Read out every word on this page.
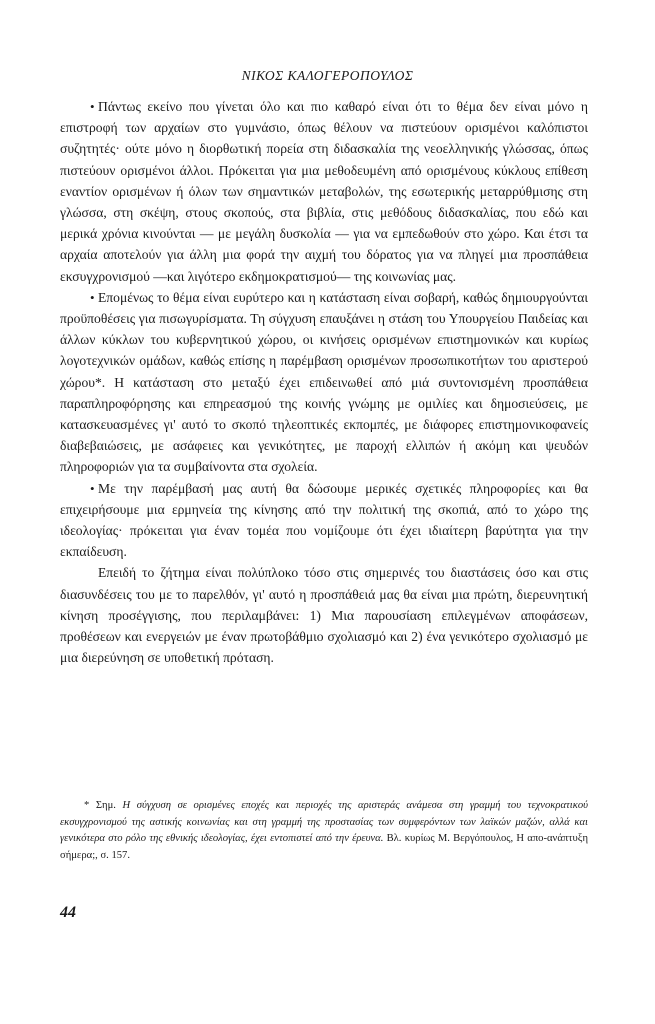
ΝΙΚΟΣ ΚΑΛΟΓΕΡΟΠΟΥΛΟΣ

• Πάντως εκείνο που γίνεται όλο και πιο καθαρό είναι ότι το θέμα δεν είναι μόνο η επιστροφή των αρχαίων στο γυμνάσιο, όπως θέλουν να πιστεύουν ορισμένοι καλόπιστοι συζητητές· ούτε μόνο η διορθωτική πορεία στη διδασκαλία της νεοελληνικής γλώσσας, όπως πιστεύουν ορισμένοι άλλοι. Πρόκειται για μια μεθοδευμένη από ορισμένους κύκλους επίθεση εναντίον ορισμένων ή όλων των σημαντικών μεταβολών, της εσωτερικής μεταρρύθμισης στη γλώσσα, στη σκέψη, στους σκοπούς, στα βιβλία, στις μεθόδους διδασκαλίας, που εδώ και μερικά χρόνια κινούνται — με μεγάλη δυσκολία — για να εμπεδωθούν στο χώρο. Και έτσι τα αρχαία αποτελούν για άλλη μια φορά την αιχμή του δόρατος για να πληγεί μια προσπάθεια εκσυγχρονισμού —και λιγότερο εκδημοκρατισμού— της κοινωνίας μας.

• Επομένως το θέμα είναι ευρύτερο και η κατάσταση είναι σοβαρή, καθώς δημιουργούνται προϋποθέσεις για πισωγυρίσματα. Τη σύγχυση επαυξάνει η στάση του Υπουργείου Παιδείας και άλλων κύκλων του κυβερνητικού χώρου, οι κινήσεις ορισμένων επιστημονικών και κυρίως λογοτεχνικών ομάδων, καθώς επίσης η παρέμβαση ορισμένων προσωπικοτήτων του αριστερού χώρου*. Η κατάσταση στο μεταξύ έχει επιδεινωθεί από μιά συντονισμένη προσπάθεια παραπληροφόρησης και επηρεασμού της κοινής γνώμης με ομιλίες και δημοσιεύσεις, με κατασκευασμένες γι' αυτό το σκοπό τηλεοπτικές εκπομπές, με διάφορες επιστημονικοφανείς διαβεβαιώσεις, με ασάφειες και γενικότητες, με παροχή ελλιπών ή ακόμη και ψευδών πληροφοριών για τα συμβαίνοντα στα σχολεία.

• Με την παρέμβασή μας αυτή θα δώσουμε μερικές σχετικές πληροφορίες και θα επιχειρήσουμε μια ερμηνεία της κίνησης από την πολιτική της σκοπιά, από το χώρο της ιδεολογίας· πρόκειται για έναν τομέα που νομίζουμε ότι έχει ιδιαίτερη βαρύτητα για την εκπαίδευση.

Επειδή το ζήτημα είναι πολύπλοκο τόσο στις σημερινές του διαστάσεις όσο και στις διασυνδέσεις του με το παρελθόν, γι' αυτό η προσπάθειά μας θα είναι μια πρώτη, διερευνητική κίνηση προσέγγισης, που περιλαμβάνει: 1) Μια παρουσίαση επιλεγμένων αποφάσεων, προθέσεων και ενεργειών με έναν πρωτοβάθμιο σχολιασμό και 2) ένα γενικότερο σχολιασμό με μια διερεύνηση σε υποθετική πρόταση.

* Σημ. Η σύγχυση σε ορισμένες εποχές και περιοχές της αριστεράς ανάμεσα στη γραμμή του τεχνοκρατικού εκσυγχρονισμού της αστικής κοινωνίας και στη γραμμή της προστασίας των συμφερόντων των λαϊκών μαζών, αλλά και γενικότερα στο ρόλο της εθνικής ιδεολογίας, έχει εντοπιστεί από την έρευνα. Βλ. κυρίως Μ. Βεργόπουλος, Η απο-ανάπτυξη σήμερα;, σ. 157.

44
